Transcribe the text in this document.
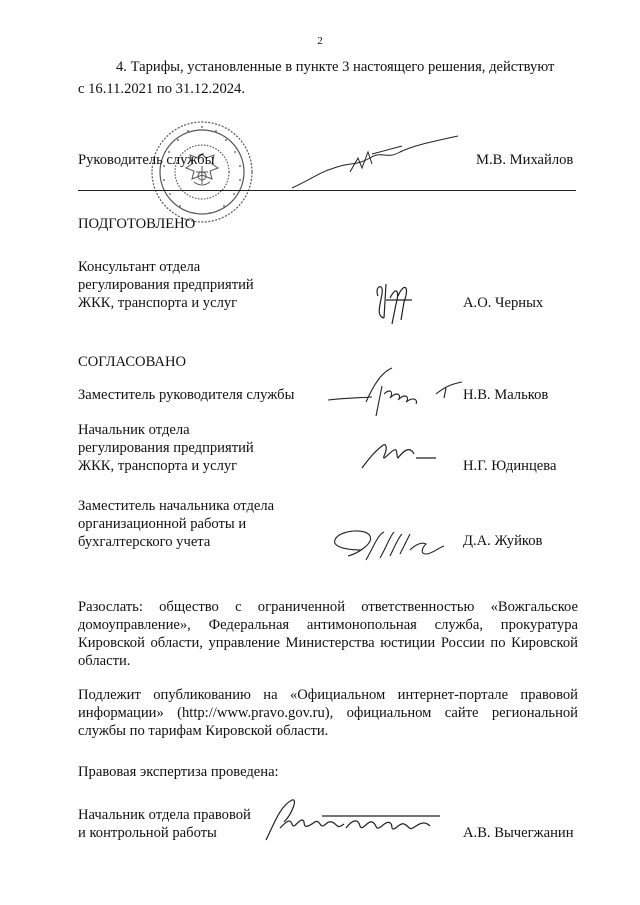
2
4. Тарифы, установленные в пункте 3 настоящего решения, действуют
с 16.11.2021 по 31.12.2024.
Руководитель службы	М.В. Михайлов
ПОДГОТОВЛЕНО
Консультант отдела
регулирования предприятий
ЖКК, транспорта и услуг	А.О. Черных
СОГЛАСОВАНО
Заместитель руководителя службы	Н.В. Мальков
Начальник отдела
регулирования предприятий
ЖКК, транспорта и услуг	Н.Г. Юдинцева
Заместитель начальника отдела
организационной работы и
бухгалтерского учета	Д.А. Жуйков
Разослать: общество с ограниченной ответственностью «Вожгальское домоуправление», Федеральная антимонопольная служба, прокуратура Кировской области, управление Министерства юстиции России по Кировской области.
Подлежит опубликованию на «Официальном интернет-портале правовой информации» (http://www.pravo.gov.ru), официальном сайте региональной службы по тарифам Кировской области.
Правовая экспертиза проведена:
Начальник отдела правовой
и контрольной работы	А.В. Вычегжанин
